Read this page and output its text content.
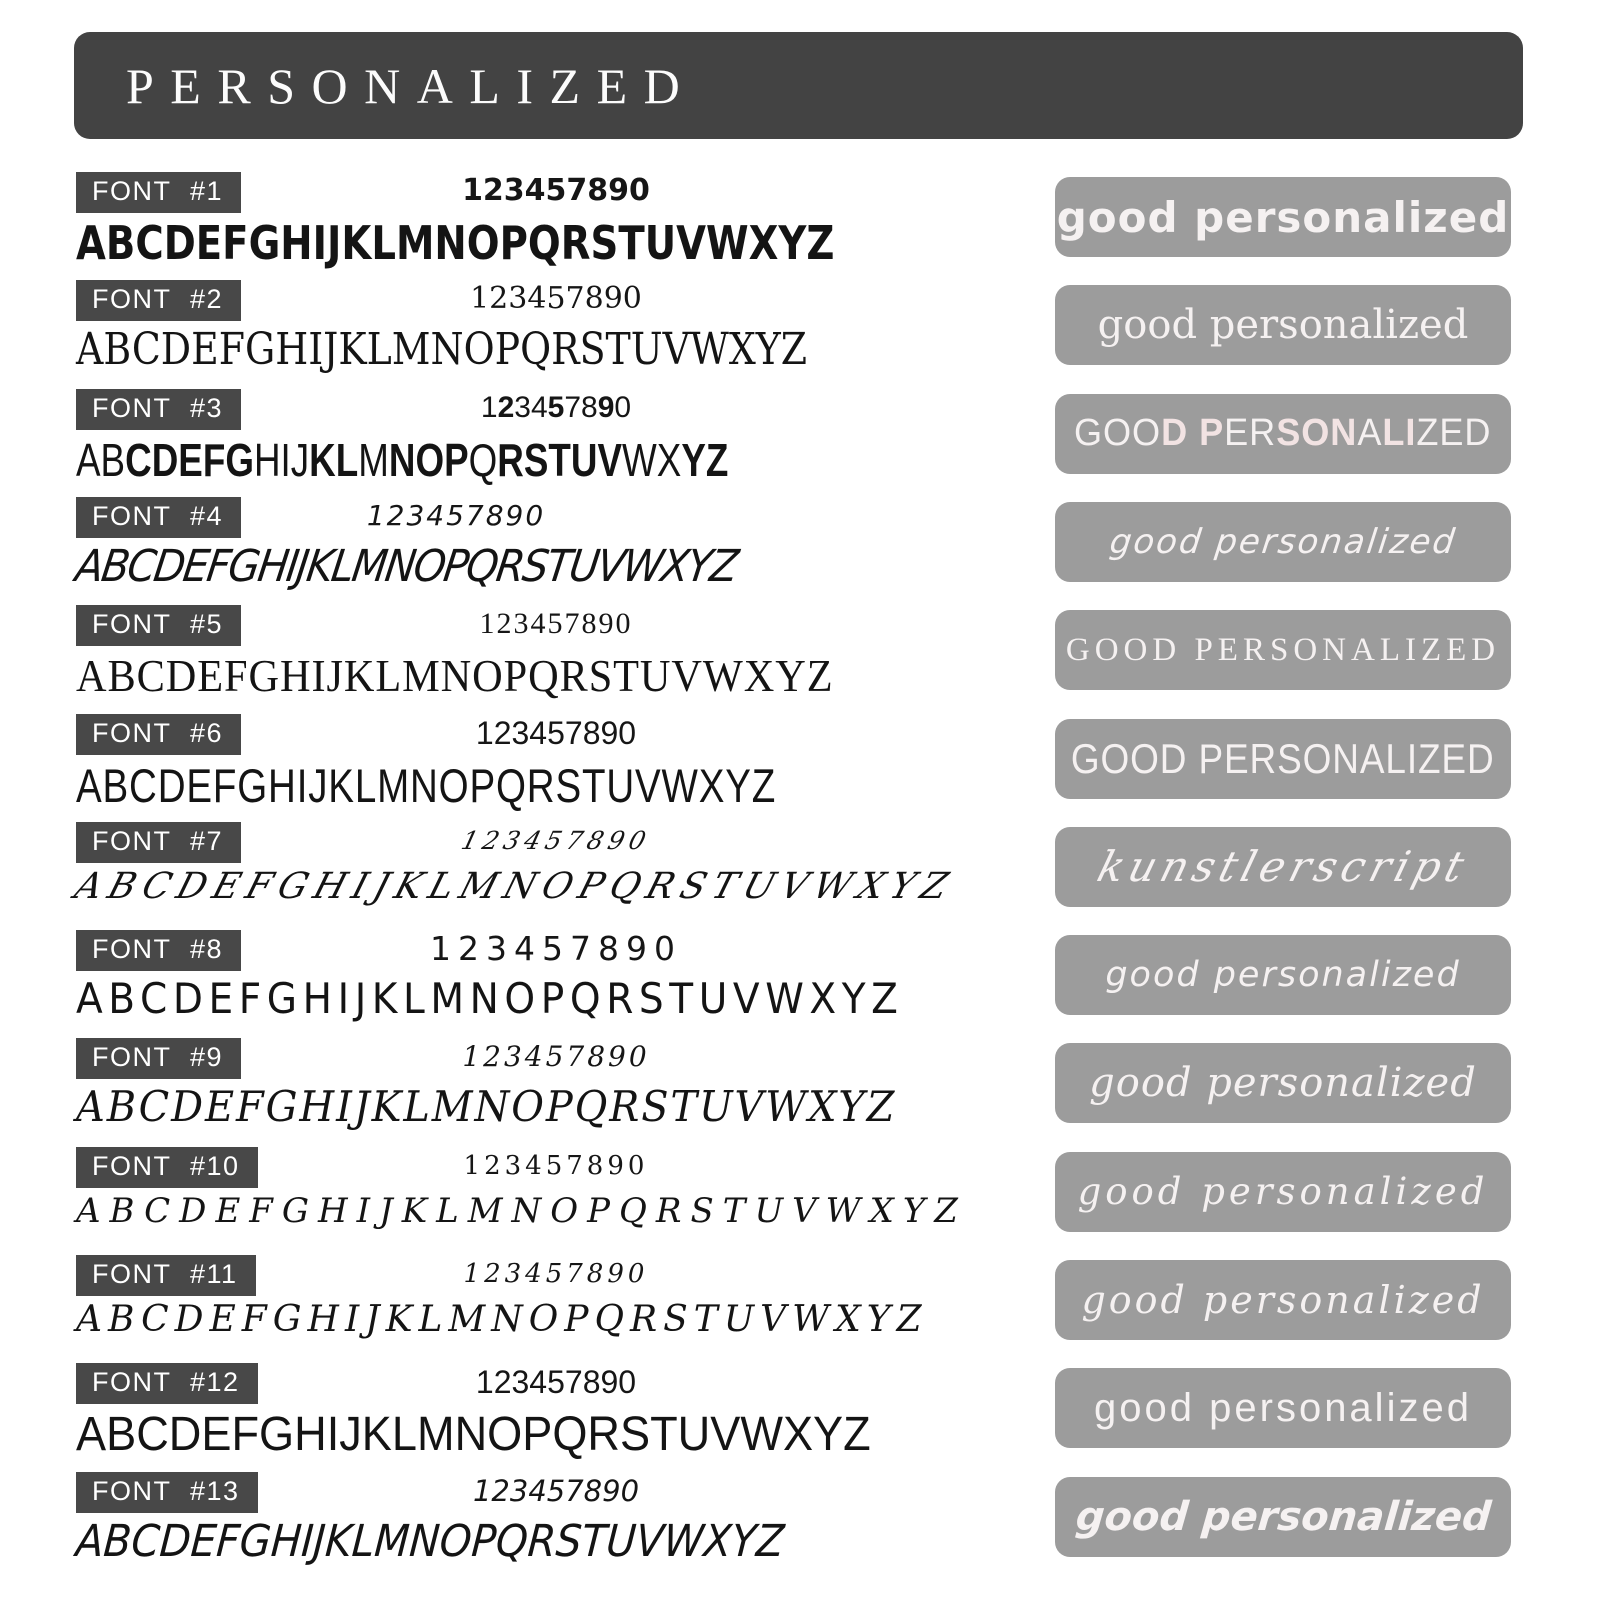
PERSONALIZED
FONT #1	123457890
ABCDEFGHIJKLMNOPQRSTUVWXYZ
FONT #2	123457890
ABCDEFGHIJKLMNOPQRSTUVWXYZ
FONT #3	123457890
ABCDEFGHIJKLMNOPQRSTUVWXYZ
FONT #4	123457890
ABCDEFGHIJKLMNOPQRSTUVWXYZ
FONT #5	123457890
ABCDEFGHIJKLMNOPQRSTUVWXYZ
FONT #6	123457890
ABCDEFGHIJKLMNOPQRSTUVWXYZ
FONT #7	123457890
ABCDEFGHIJKLMNOPQRSTUVWXYZ
FONT #8	123457890
ABCDEFGHIJKLMNOPQRSTUVWXYZ
FONT #9	123457890
ABCDEFGHIJKLMNOPQRSTUVWXYZ
FONT #10	123457890
ABCDEFGHIJKLMNOPQRSTUVWXYZ
FONT #11	123457890
ABCDEFGHIJKLMNOPQRSTUVWXYZ
FONT #12	123457890
ABCDEFGHIJKLMNOPQRSTUVWXYZ
FONT #13	123457890
ABCDEFGHIJKLMNOPQRSTUVWXYZ
good personalized
good personalized
GOOD PERSONALIZED
good personalized
GOOD PERSONALIZED
GOOD PERSONALIZED
kunstlerscript
good personalized
good personalized
good personalized
good personalized
good personalized
good personalized
